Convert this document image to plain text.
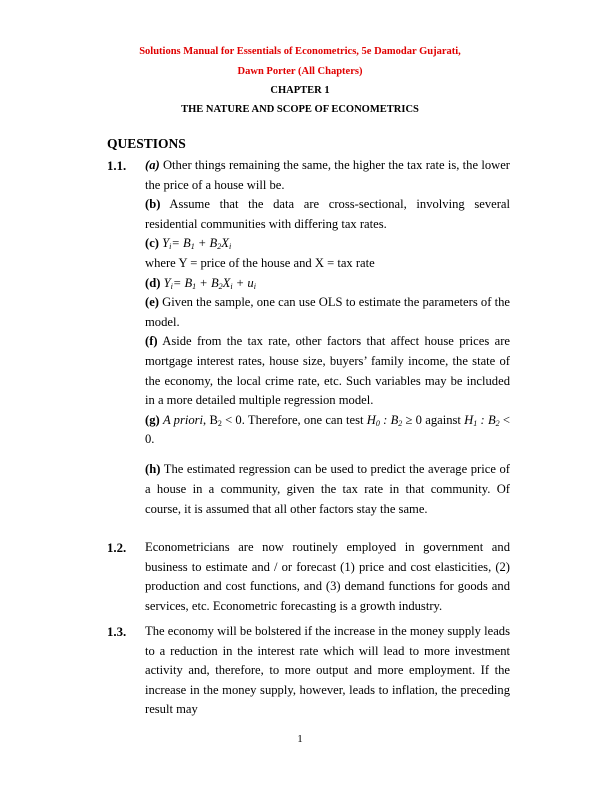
Solutions Manual for Essentials of Econometrics, 5e Damodar Gujarati,
Dawn Porter (All Chapters)
CHAPTER 1
THE NATURE AND SCOPE OF ECONOMETRICS
QUESTIONS
1.1. (a) Other things remaining the same, the higher the tax rate is, the lower the price of a house will be.

(b) Assume that the data are cross-sectional, involving several residential communities with differing tax rates.

(c) $Y_i= B_1 + B_2X_i$

where Y = price of the house and X = tax rate

(d) $Y_i= B_1 + B_2X_i + u_i$

(e) Given the sample, one can use OLS to estimate the parameters of the model.

(f) Aside from the tax rate, other factors that affect house prices are mortgage interest rates, house size, buyers’ family income, the state of the economy, the local crime rate, etc. Such variables may be included in a more detailed multiple regression model.

(g) A priori, $B_2 < 0$. Therefore, one can test $H_0$ : $B_2 \ge 0$ against $H_1$ : $B_2 < 0$.

(h) The estimated regression can be used to predict the average price of a house in a community, given the tax rate in that community. Of course, it is assumed that all other factors stay the same.

1.2. Econometricians are now routinely employed in government and business to estimate and / or forecast (1) price and cost elasticities, (2) production and cost functions, and (3) demand functions for goods and services, etc. Econometric forecasting is a growth industry.

1.3. The economy will be bolstered if the increase in the money supply leads to a reduction in the interest rate which will lead to more investment activity and, therefore, to more output and more employment. If the increase in the money supply, however, leads to inflation, the preceding result may

1
